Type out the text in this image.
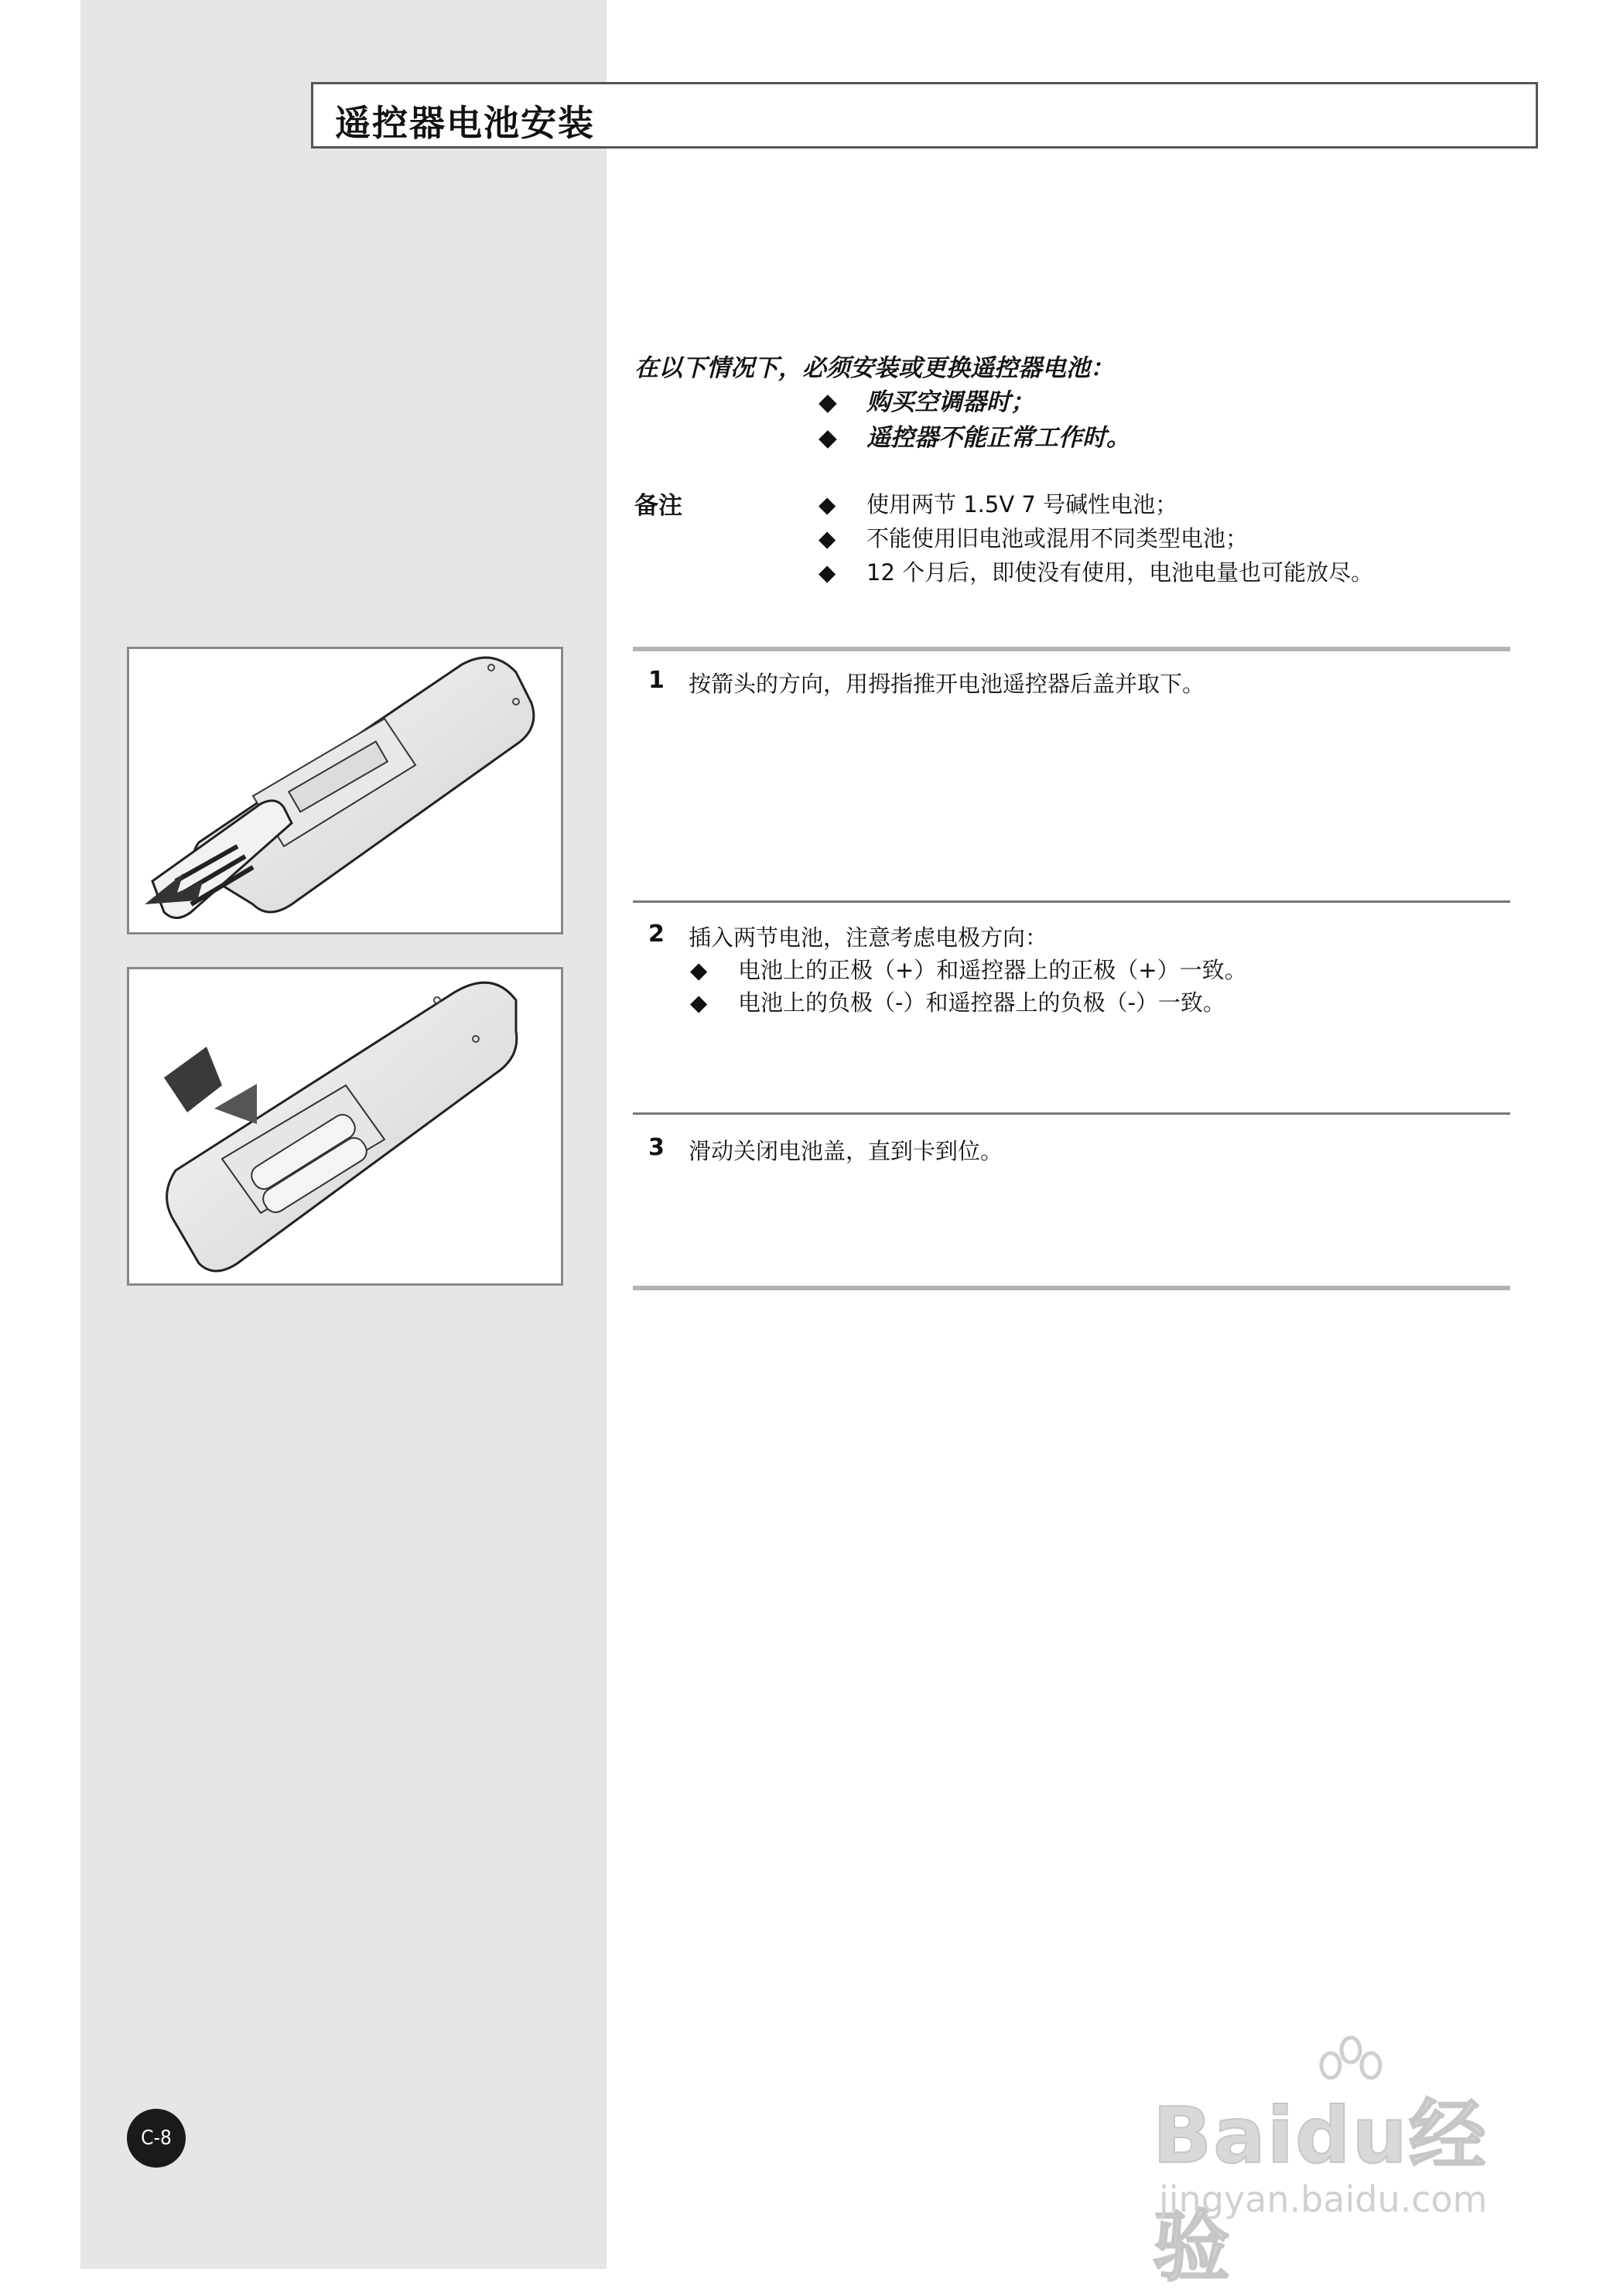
遥控器电池安装
在以下情况下，必须安装或更换遥控器电池：
◆ 购买空调器时；
◆ 遥控器不能正常工作时。
备注	◆ 使用两节 1.5V 7 号碱性电池；
◆ 不能使用旧电池或混用不同类型电池；
◆ 12 个月后，即使没有使用，电池电量也可能放尽。
1 按箭头的方向，用拇指推开电池遥控器后盖并取下。
2 插入两节电池，注意考虑电极方向：
◆ 电池上的正极（+）和遥控器上的正极（+）一致。
◆ 电池上的负极（-）和遥控器上的负极（-）一致。
3 滑动关闭电池盖，直到卡到位。
C-8	Baidu经验
jingyan.baidu.com
